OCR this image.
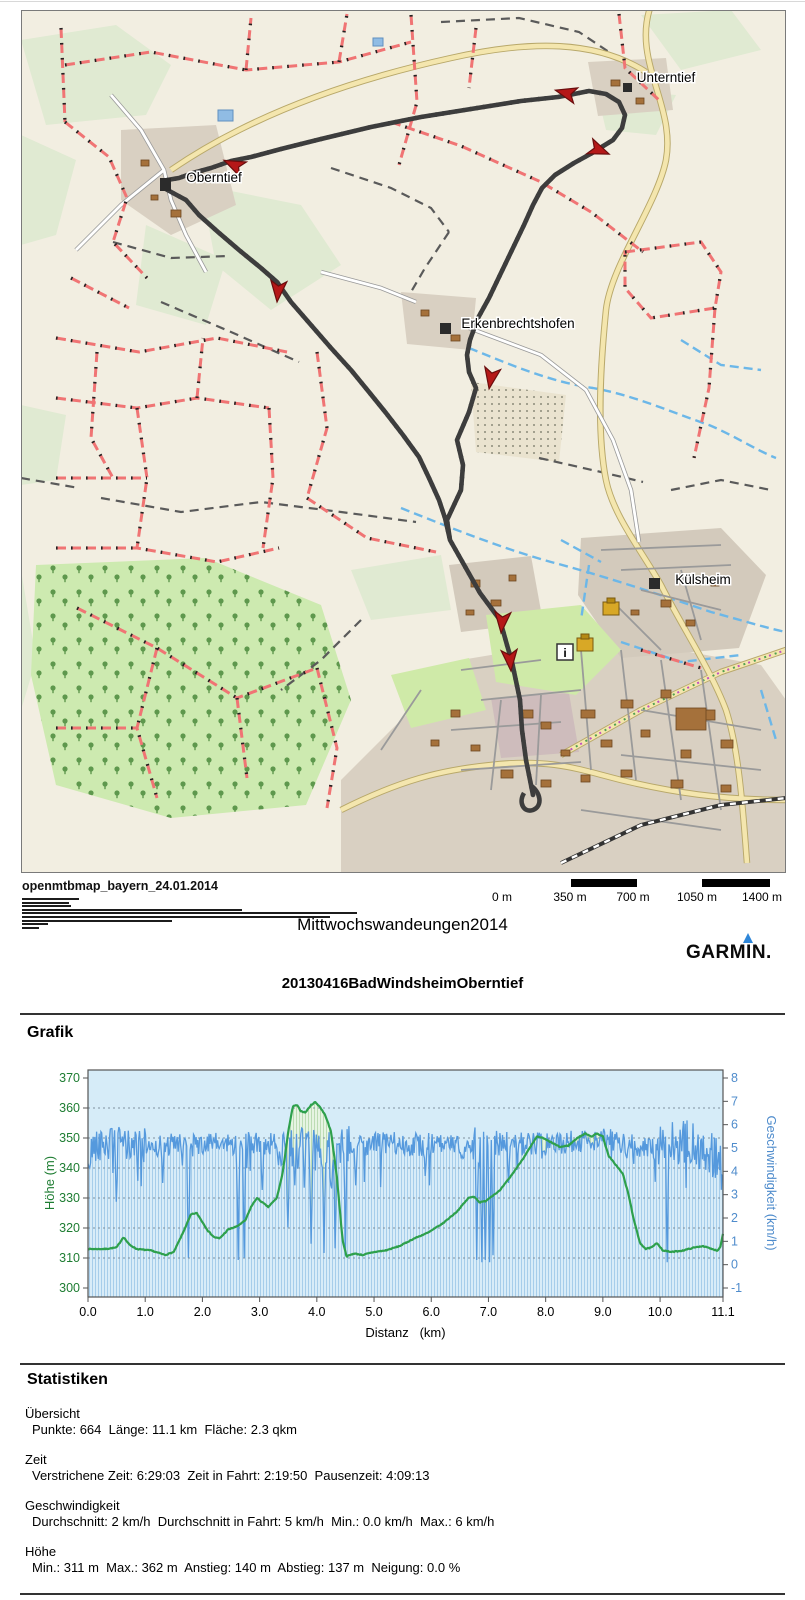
i
Oberntief
Unterntief
Erkenbrechtshofen
Külsheim
openmtbmap_bayern_24.01.2014
0 m	350 m 700 m 1050 m 1400 m
Mittwochswandeungen2014
GARMIN.
20130416BadWindsheimOberntief
Grafik
300
310
320
330
340
350
360
370
-1
0
1
2
3
4
5
6
7
8
0.0	1.0	2.0	3.0	4.0	5.0	6.0	7.0	8.0	9.0	10.0	11.1
Höhe (m)	Geschwindigkeit (km/h)
Distanz   (km)
Statistiken
Übersicht
Punkte: 664  Länge: 11.1 km  Fläche: 2.3 qkm
Zeit
Verstrichene Zeit: 6:29:03  Zeit in Fahrt: 2:19:50  Pausenzeit: 4:09:13
Geschwindigkeit
Durchschnitt: 2 km/h  Durchschnitt in Fahrt: 5 km/h  Min.: 0.0 km/h  Max.: 6 km/h
Höhe
Min.: 311 m  Max.: 362 m  Anstieg: 140 m  Abstieg: 137 m  Neigung: 0.0 %
